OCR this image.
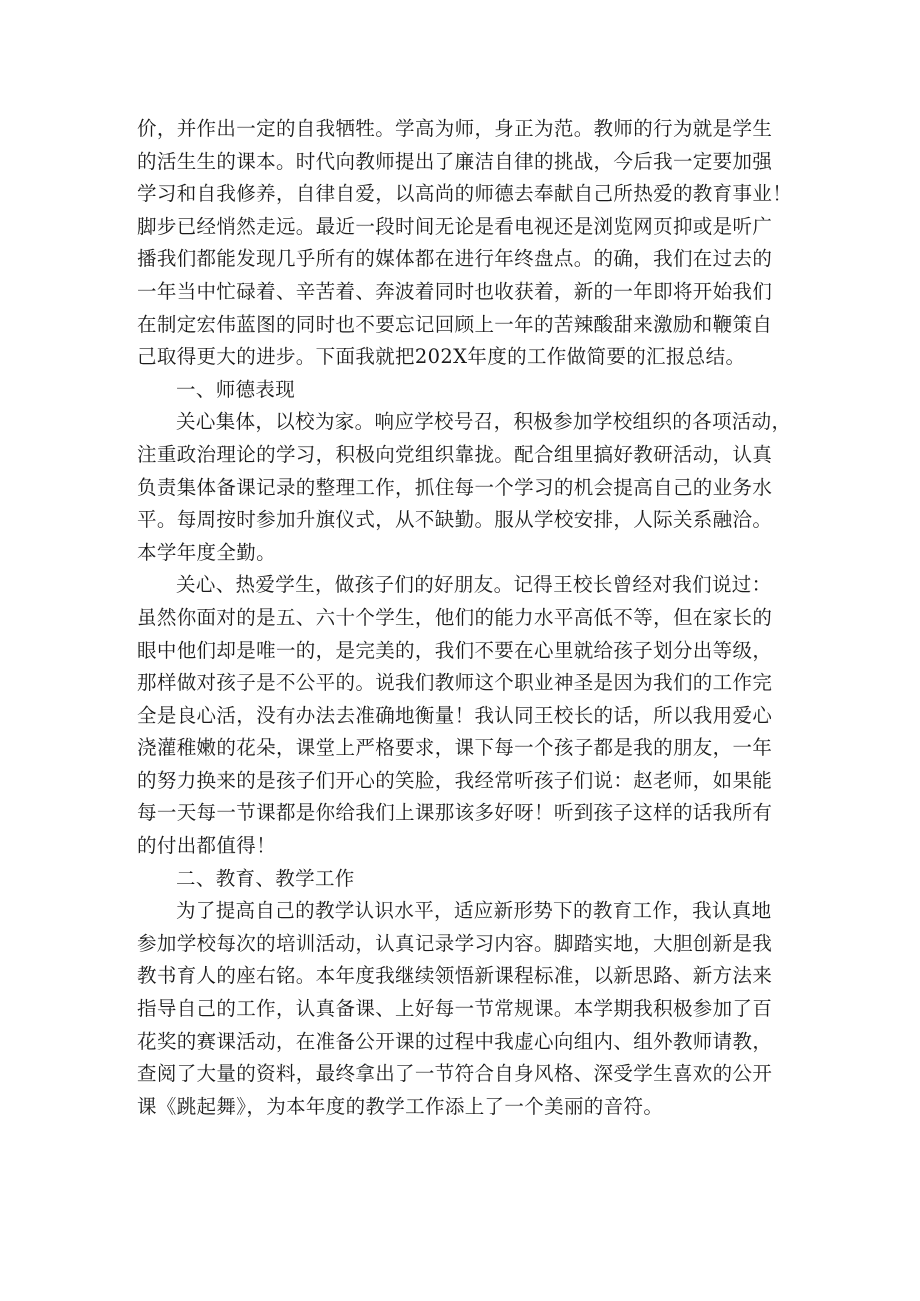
价，并作出一定的自我牺牲。学高为师，身正为范。教师的行为就是学生
的活生生的课本。时代向教师提出了廉洁自律的挑战，今后我一定要加强
学习和自我修养，自律自爱，以高尚的师德去奉献自己所热爱的教育事业！
脚步已经悄然走远。最近一段时间无论是看电视还是浏览网页抑或是听广
播我们都能发现几乎所有的媒体都在进行年终盘点。的确，我们在过去的
一年当中忙碌着、辛苦着、奔波着同时也收获着，新的一年即将开始我们
在制定宏伟蓝图的同时也不要忘记回顾上一年的苦辣酸甜来激励和鞭策自
己取得更大的进步。下面我就把202X年度的工作做简要的汇报总结。

一、师德表现

关心集体，以校为家。响应学校号召，积极参加学校组织的各项活动，
注重政治理论的学习，积极向党组织靠拢。配合组里搞好教研活动，认真
负责集体备课记录的整理工作，抓住每一个学习的机会提高自己的业务水
平。每周按时参加升旗仪式，从不缺勤。服从学校安排，人际关系融洽。
本学年度全勤。

关心、热爱学生，做孩子们的好朋友。记得王校长曾经对我们说过：
虽然你面对的是五、六十个学生，他们的能力水平高低不等，但在家长的
眼中他们却是唯一的，是完美的，我们不要在心里就给孩子划分出等级，
那样做对孩子是不公平的。说我们教师这个职业神圣是因为我们的工作完
全是良心活，没有办法去准确地衡量！我认同王校长的话，所以我用爱心
浇灌稚嫩的花朵，课堂上严格要求，课下每一个孩子都是我的朋友，一年
的努力换来的是孩子们开心的笑脸，我经常听孩子们说：赵老师，如果能
每一天每一节课都是你给我们上课那该多好呀！听到孩子这样的话我所有
的付出都值得！

二、教育、教学工作

为了提高自己的教学认识水平，适应新形势下的教育工作，我认真地
参加学校每次的培训活动，认真记录学习内容。脚踏实地，大胆创新是我
教书育人的座右铭。本年度我继续领悟新课程标准，以新思路、新方法来
指导自己的工作，认真备课、上好每一节常规课。本学期我积极参加了百
花奖的赛课活动，在准备公开课的过程中我虚心向组内、组外教师请教，
查阅了大量的资料，最终拿出了一节符合自身风格、深受学生喜欢的公开
课《跳起舞》，为本年度的教学工作添上了一个美丽的音符。
